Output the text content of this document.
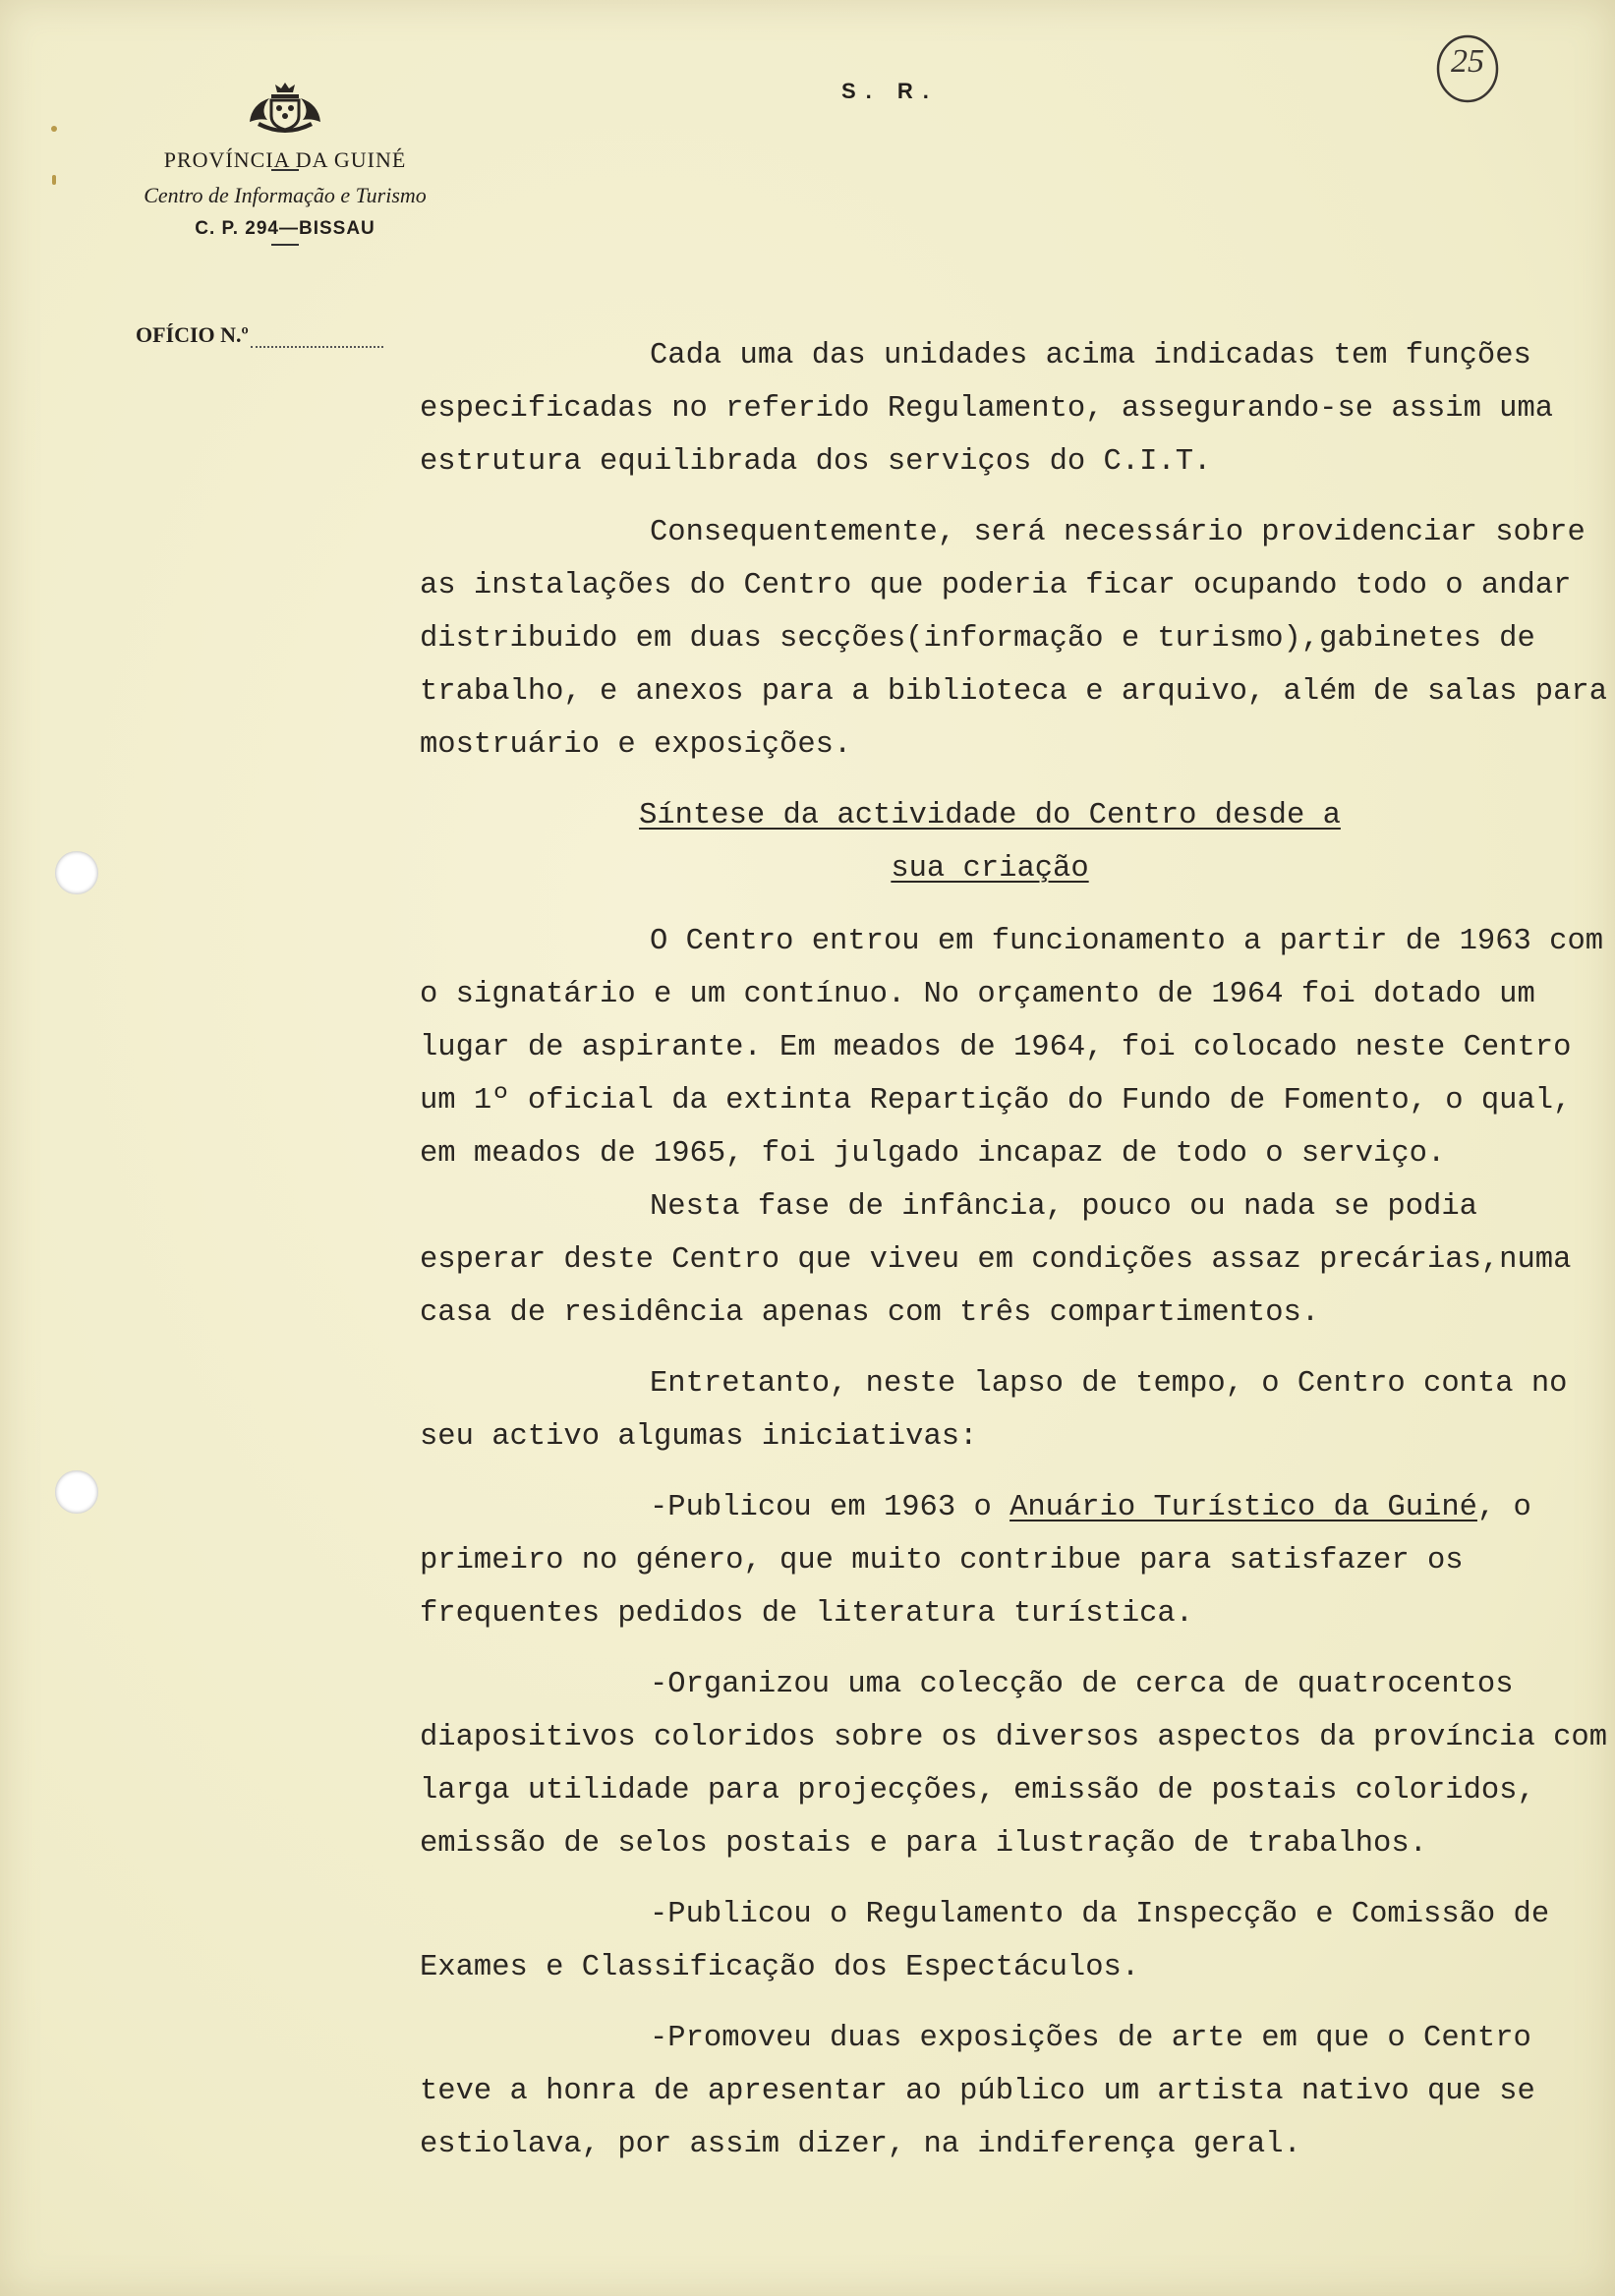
PROVÍNCIA DA GUINÉ
Centro de Informação e Turismo
C. P. 294—BISSAU
S. R.
25
OFÍCIO N.º

Cada uma das unidades acima indicadas tem funções especificadas no referido Regulamento, assegurando-se assim uma estrutura equilibrada dos serviços do C.I.T.

Consequentemente, será necessário providenciar sobre as instalações do Centro que poderia ficar ocupando todo o andar distribuido em duas secções(informação e turismo),gabinetes de trabalho, e anexos para a biblioteca e arquivo, além de salas para mostruário e exposições.

Síntese da actividade do Centro desde a
sua criação

O Centro entrou em funcionamento a partir de 1963 com o signatário e um contínuo. No orçamento de 1964 foi dotado um lugar de aspirante. Em meados de 1964, foi colocado neste Centro um 1º oficial da extinta Repartição do Fundo de Fomento, o qual, em meados de 1965, foi julgado incapaz de todo o serviço.

Nesta fase de infância, pouco ou nada se podia esperar deste Centro que viveu em condições assaz precárias,numa casa de residência apenas com três compartimentos.

Entretanto, neste lapso de tempo, o Centro conta no seu activo algumas iniciativas:

-Publicou em 1963 o Anuário Turístico da Guiné, o primeiro no género, que muito contribue para satisfazer os frequentes pedidos de literatura turística.

-Organizou uma colecção de cerca de quatrocentos diapositivos coloridos sobre os diversos aspectos da província com larga utilidade para projecções, emissão de postais coloridos, emissão de selos postais e para ilustração de trabalhos.

-Publicou o Regulamento da Inspecção e Comissão de Exames e Classificação dos Espectáculos.

-Promoveu duas exposições de arte em que o Centro teve a honra de apresentar ao público um artista nativo que se estiolava, por assim dizer, na indiferença geral.
